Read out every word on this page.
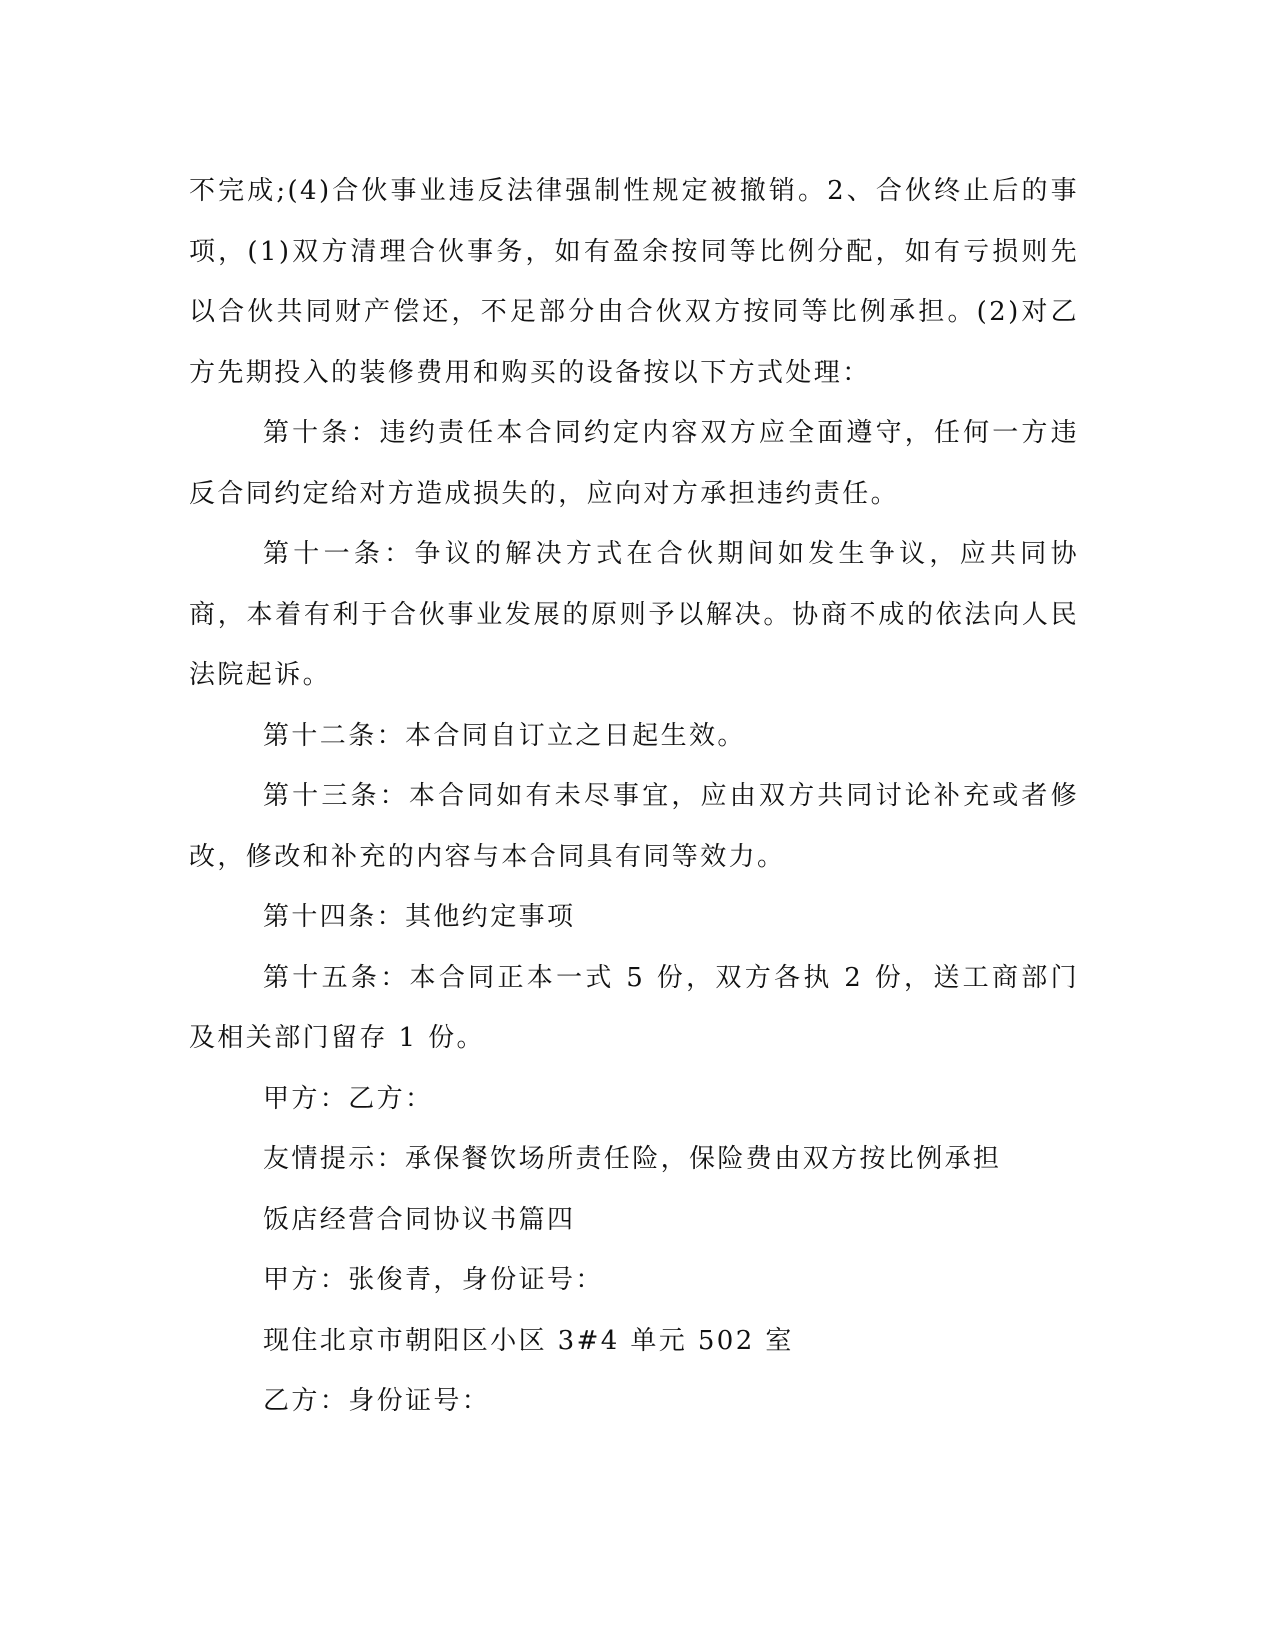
不完成;(4)合伙事业违反法律强制性规定被撤销。2、合伙终止后的事项，(1)双方清理合伙事务，如有盈余按同等比例分配，如有亏损则先以合伙共同财产偿还，不足部分由合伙双方按同等比例承担。(2)对乙方先期投入的装修费用和购买的设备按以下方式处理：

第十条：违约责任本合同约定内容双方应全面遵守，任何一方违反合同约定给对方造成损失的，应向对方承担违约责任。

第十一条：争议的解决方式在合伙期间如发生争议，应共同协商，本着有利于合伙事业发展的原则予以解决。协商不成的依法向人民法院起诉。

第十二条：本合同自订立之日起生效。

第十三条：本合同如有未尽事宜，应由双方共同讨论补充或者修改，修改和补充的内容与本合同具有同等效力。

第十四条：其他约定事项

第十五条：本合同正本一式 5 份，双方各执 2 份，送工商部门及相关部门留存 1 份。

甲方：乙方：

友情提示：承保餐饮场所责任险，保险费由双方按比例承担

饭店经营合同协议书篇四

甲方：张俊青，身份证号：

现住北京市朝阳区小区 3#4 单元 502 室

乙方：身份证号：
